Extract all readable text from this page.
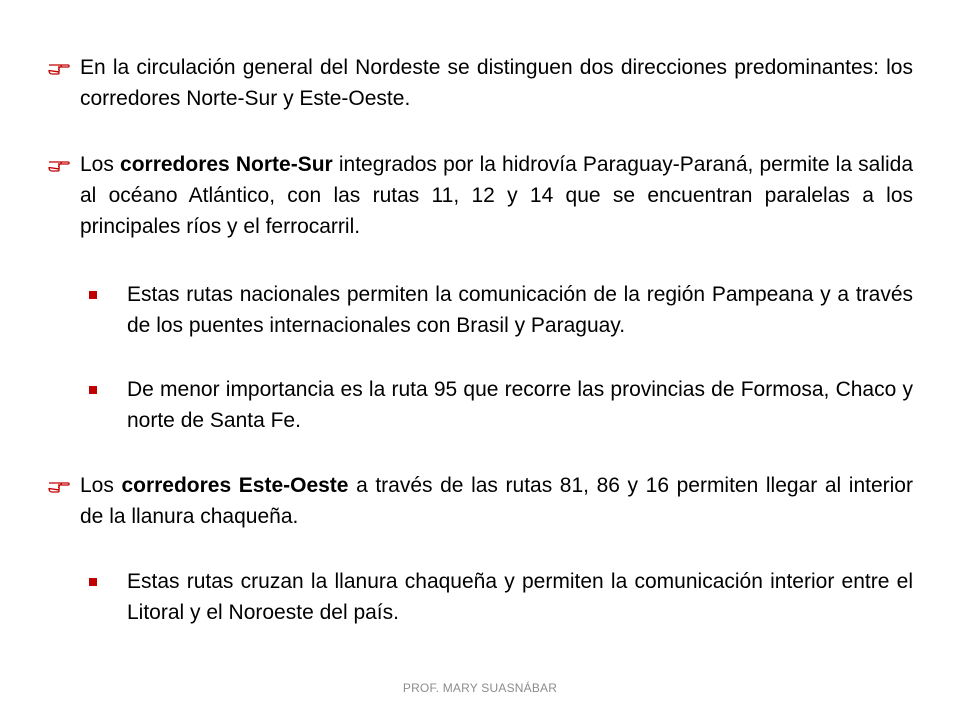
En la circulación general del Nordeste se distinguen dos direcciones predominantes: los corredores Norte-Sur y Este-Oeste.
Los corredores Norte-Sur integrados por la hidrovía Paraguay-Paraná, permite la salida al océano Atlántico, con las rutas 11, 12 y 14 que se encuentran paralelas a los principales ríos y el ferrocarril.
Estas rutas nacionales permiten la comunicación de la región Pampeana y a través de los puentes internacionales con Brasil y Paraguay.
De menor importancia es la ruta 95 que recorre las provincias de Formosa, Chaco y norte de Santa Fe.
Los corredores Este-Oeste a través de las rutas 81, 86 y 16 permiten llegar al interior de la llanura chaqueña.
Estas rutas cruzan la llanura chaqueña y permiten la comunicación interior entre el Litoral y el Noroeste del país.
PROF. MARY SUASNÁBAR
